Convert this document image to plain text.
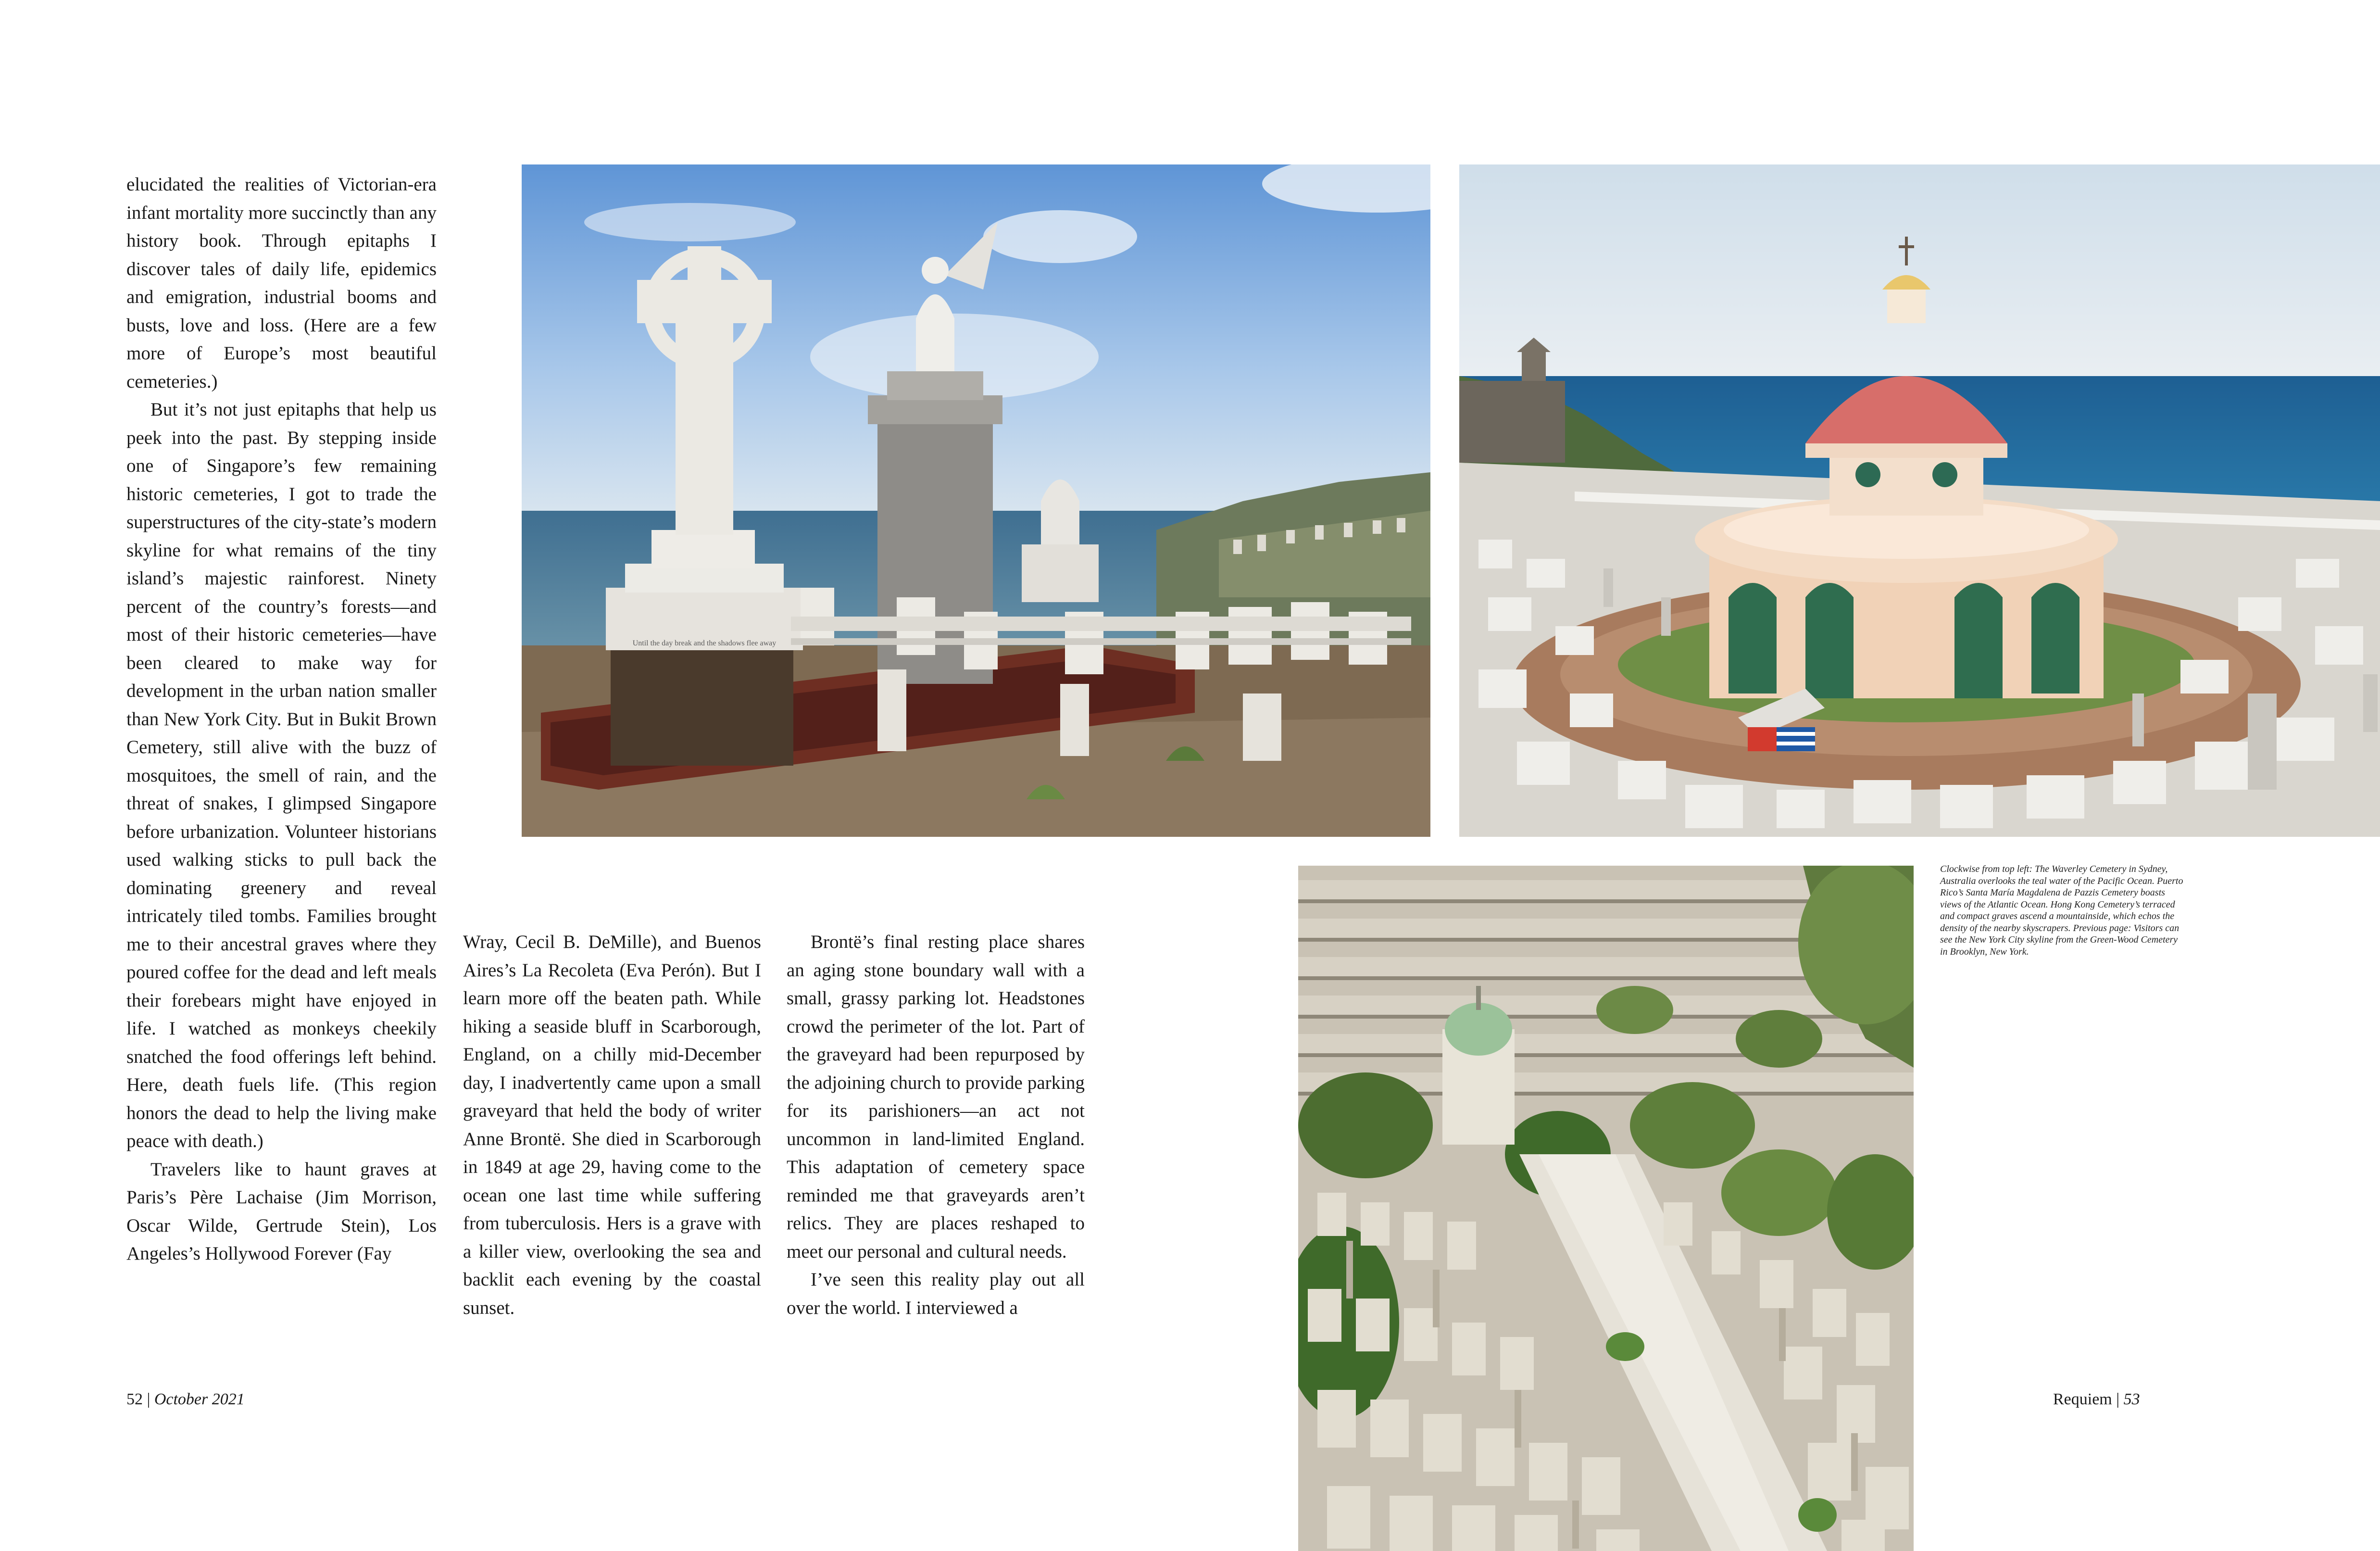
elucidated the realities of Victorian-era infant mortality more succinctly than any history book. Through epitaphs I discover tales of daily life, epidemics and emigration, industrial booms and busts, love and loss. (Here are a few more of Europe’s most beautiful cemeteries.)

But it’s not just epitaphs that help us peek into the past. By stepping inside one of Singapore’s few remaining historic cemeteries, I got to trade the superstructures of the city-state’s modern skyline for what remains of the tiny island’s majestic rainforest. Ninety percent of the country’s forests—and most of their historic cemeteries—have been cleared to make way for development in the urban nation smaller than New York City. But in Bukit Brown Cemetery, still alive with the buzz of mosquitoes, the smell of rain, and the threat of snakes, I glimpsed Singapore before urbanization. Volunteer historians used walking sticks to pull back the dominating greenery and reveal intricately tiled tombs. Families brought me to their ancestral graves where they poured coffee for the dead and left meals their forebears might have enjoyed in life. I watched as monkeys cheekily snatched the food offerings left behind. Here, death fuels life. (This region honors the dead to help the living make peace with death.)

Travelers like to haunt graves at Paris’s Père Lachaise (Jim Morrison, Oscar Wilde, Gertrude Stein), Los Angeles’s Hollywood Forever (Fay

Wray, Cecil B. DeMille), and Buenos Aires’s La Recoleta (Eva Perón). But I learn more off the beaten path. While hiking a seaside bluff in Scarborough, England, on a chilly mid-December day, I inadvertently came upon a small graveyard that held the body of writer Anne Brontë. She died in Scarborough in 1849 at age 29, having come to the ocean one last time while suffering from tuberculosis. Hers is a grave with a killer view, overlooking the sea and backlit each evening by the coastal sunset.

Brontë’s final resting place shares an aging stone boundary wall with a small, grassy parking lot. Headstones crowd the perimeter of the lot. Part of the graveyard had been repurposed by the adjoining church to provide parking for its parishioners—an act not uncommon in land-limited England. This adaptation of cemetery space reminded me that graveyards aren’t relics. They are places reshaped to meet our personal and cultural needs.

I’ve seen this reality play out all over the world. I interviewed a

Until the day break and the shadows flee away
Clockwise from top left: The Waverley Cemetery in Sydney, Australia overlooks the teal water of the Pacific Ocean. Puerto Rico’s Santa María Magdalena de Pazzis Cemetery boasts views of the Atlantic Ocean. Hong Kong Cemetery’s terraced and compact graves ascend a mountainside, which echos the density of the nearby skyscrapers. Previous page: Visitors can see the New York City skyline from the Green-Wood Cemetery in Brooklyn, New York.
52 | October 2021	Requiem | 53
